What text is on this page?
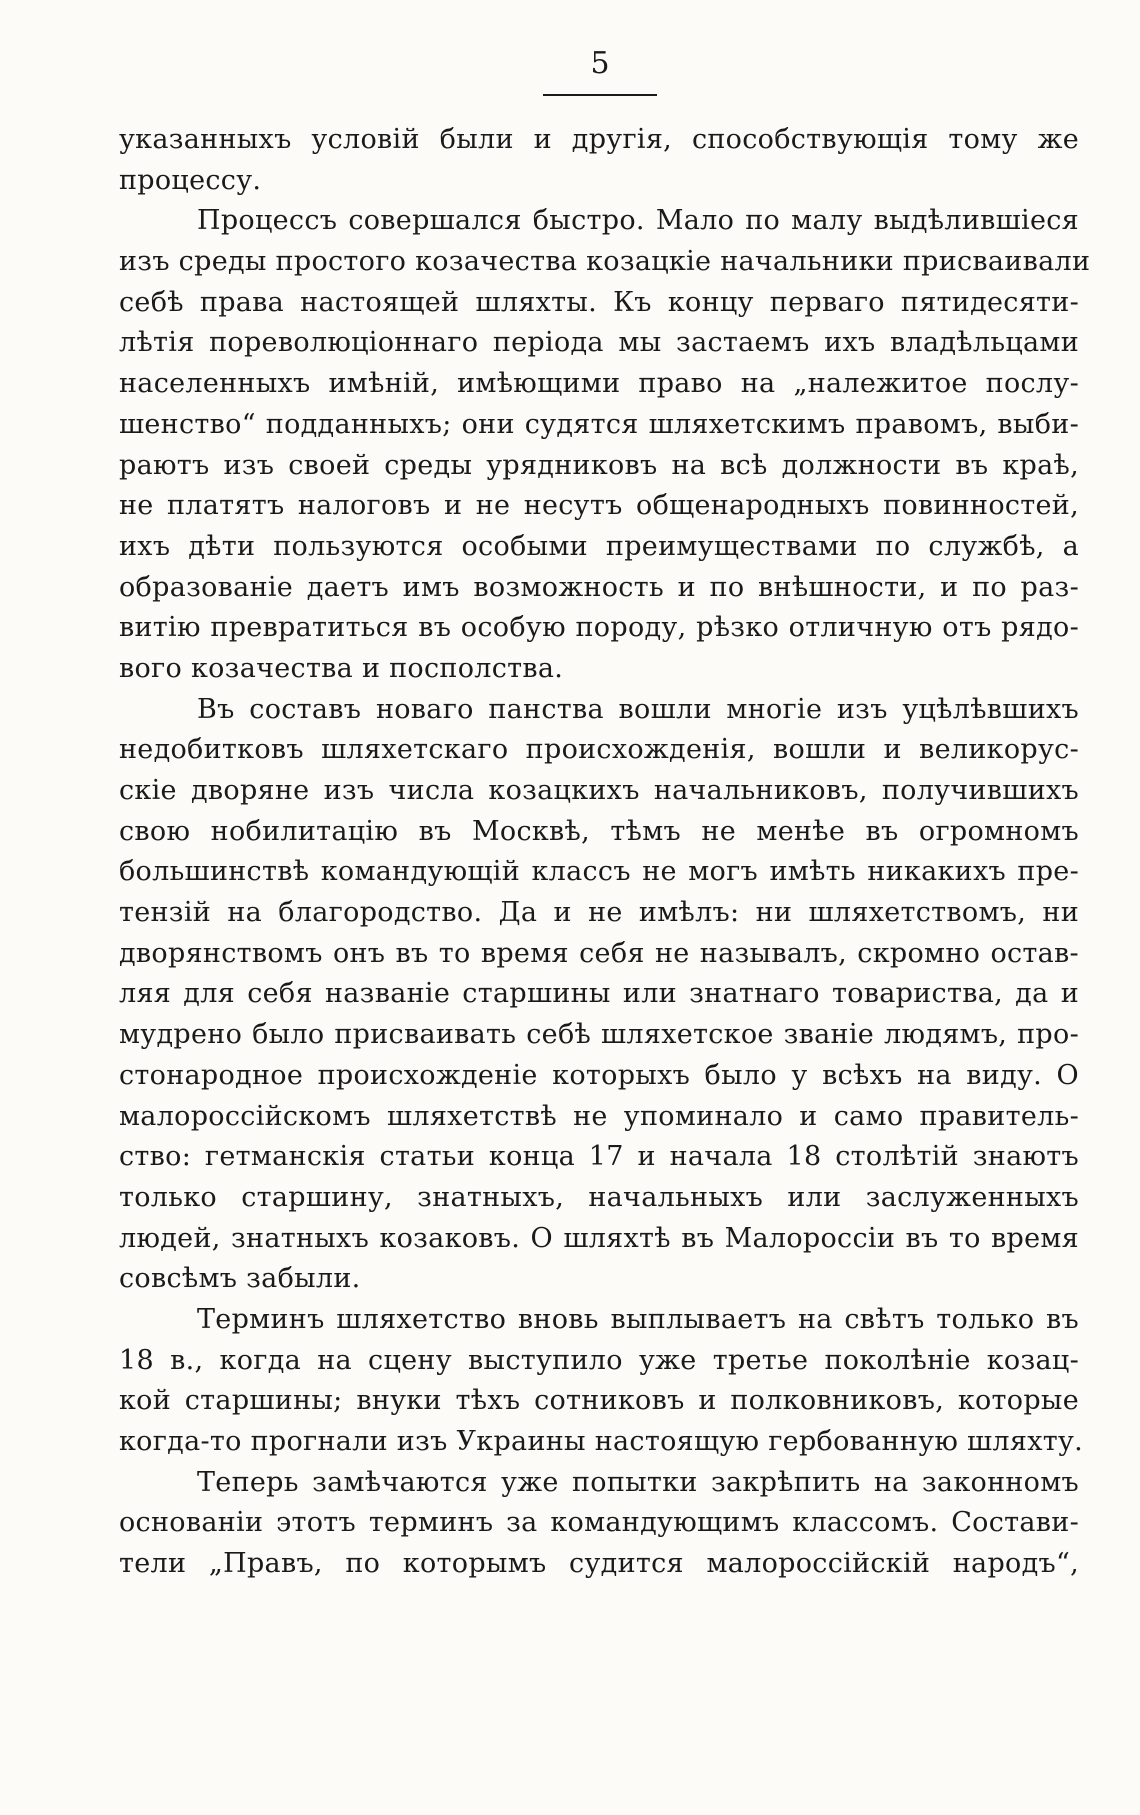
5
указанныхъ условій были и другія, способствующія тому же
процессу.
Процессъ совершался быстро. Мало по малу выдѣлившіеся
изъ среды простого козачества козацкіе начальники присваивали
себѣ права настоящей шляхты. Къ концу перваго пятидесяти-
лѣтія пореволюціоннаго періода мы застаемъ ихъ владѣльцами
населенныхъ имѣній, имѣющими право на „належитое послу-
шенство“ подданныхъ; они судятся шляхетскимъ правомъ, выби-
раютъ изъ своей среды урядниковъ на всѣ должности въ краѣ,
не платятъ налоговъ и не несутъ общенародныхъ повинностей,
ихъ дѣти пользуются особыми преимуществами по службѣ, а
образованіе даетъ имъ возможность и по внѣшности, и по раз-
витію превратиться въ особую породу, рѣзко отличную отъ рядо-
вого козачества и посполства.
Въ составъ новаго панства вошли многіе изъ уцѣлѣвшихъ
недобитковъ шляхетскаго происхожденія, вошли и великорус-
скіе дворяне изъ числа козацкихъ начальниковъ, получившихъ
свою нобилитацію въ Москвѣ, тѣмъ не менѣе въ огромномъ
большинствѣ командующій классъ не могъ имѣть никакихъ пре-
тензій на благородство. Да и не имѣлъ: ни шляхетствомъ, ни
дворянствомъ онъ въ то время себя не называлъ, скромно остав-
ляя для себя названіе старшины или знатнаго товариства, да и
мудрено было присваивать себѣ шляхетское званіе людямъ, про-
стонародное происхожденіе которыхъ было у всѣхъ на виду. О
малороссійскомъ шляхетствѣ не упоминало и само правитель-
ство: гетманскія статьи конца 17 и начала 18 столѣтій знаютъ
только старшину, знатныхъ, начальныхъ или заслуженныхъ
людей, знатныхъ козаковъ. О шляхтѣ въ Малороссіи въ то время
совсѣмъ забыли.
Терминъ шляхетство вновь выплываетъ на свѣтъ только въ
18 в., когда на сцену выступило уже третье поколѣніе козац-
кой старшины; внуки тѣхъ сотниковъ и полковниковъ, которые
когда-то прогнали изъ Украины настоящую гербованную шляхту.
Теперь замѣчаются уже попытки закрѣпить на законномъ
основаніи этотъ терминъ за командующимъ классомъ. Состави-
тели „Правъ, по которымъ судится малороссійскій народъ“,
